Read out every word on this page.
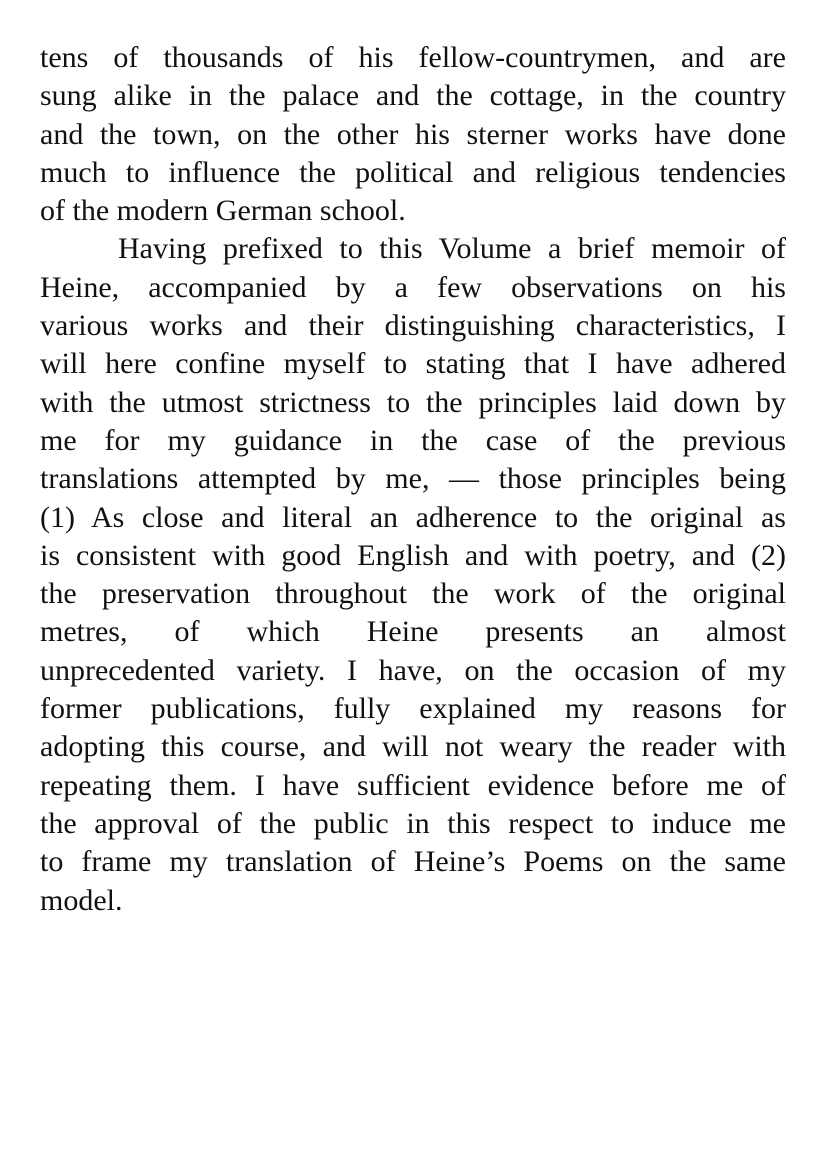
tens of thousands of his fellow-countrymen, and are
sung alike in the palace and the cottage, in the country
and the town, on the other his sterner works have done
much to influence the political and religious tendencies
of the modern German school.
Having prefixed to this Volume a brief memoir of
Heine, accompanied by a few observations on his
various works and their distinguishing characteristics, I
will here confine myself to stating that I have adhered
with the utmost strictness to the principles laid down by
me for my guidance in the case of the previous
translations attempted by me, — those principles being
(1) As close and literal an adherence to the original as
is consistent with good English and with poetry, and (2)
the preservation throughout the work of the original
metres, of which Heine presents an almost
unprecedented variety. I have, on the occasion of my
former publications, fully explained my reasons for
adopting this course, and will not weary the reader with
repeating them. I have sufficient evidence before me of
the approval of the public in this respect to induce me
to frame my translation of Heine’s Poems on the same
model.
